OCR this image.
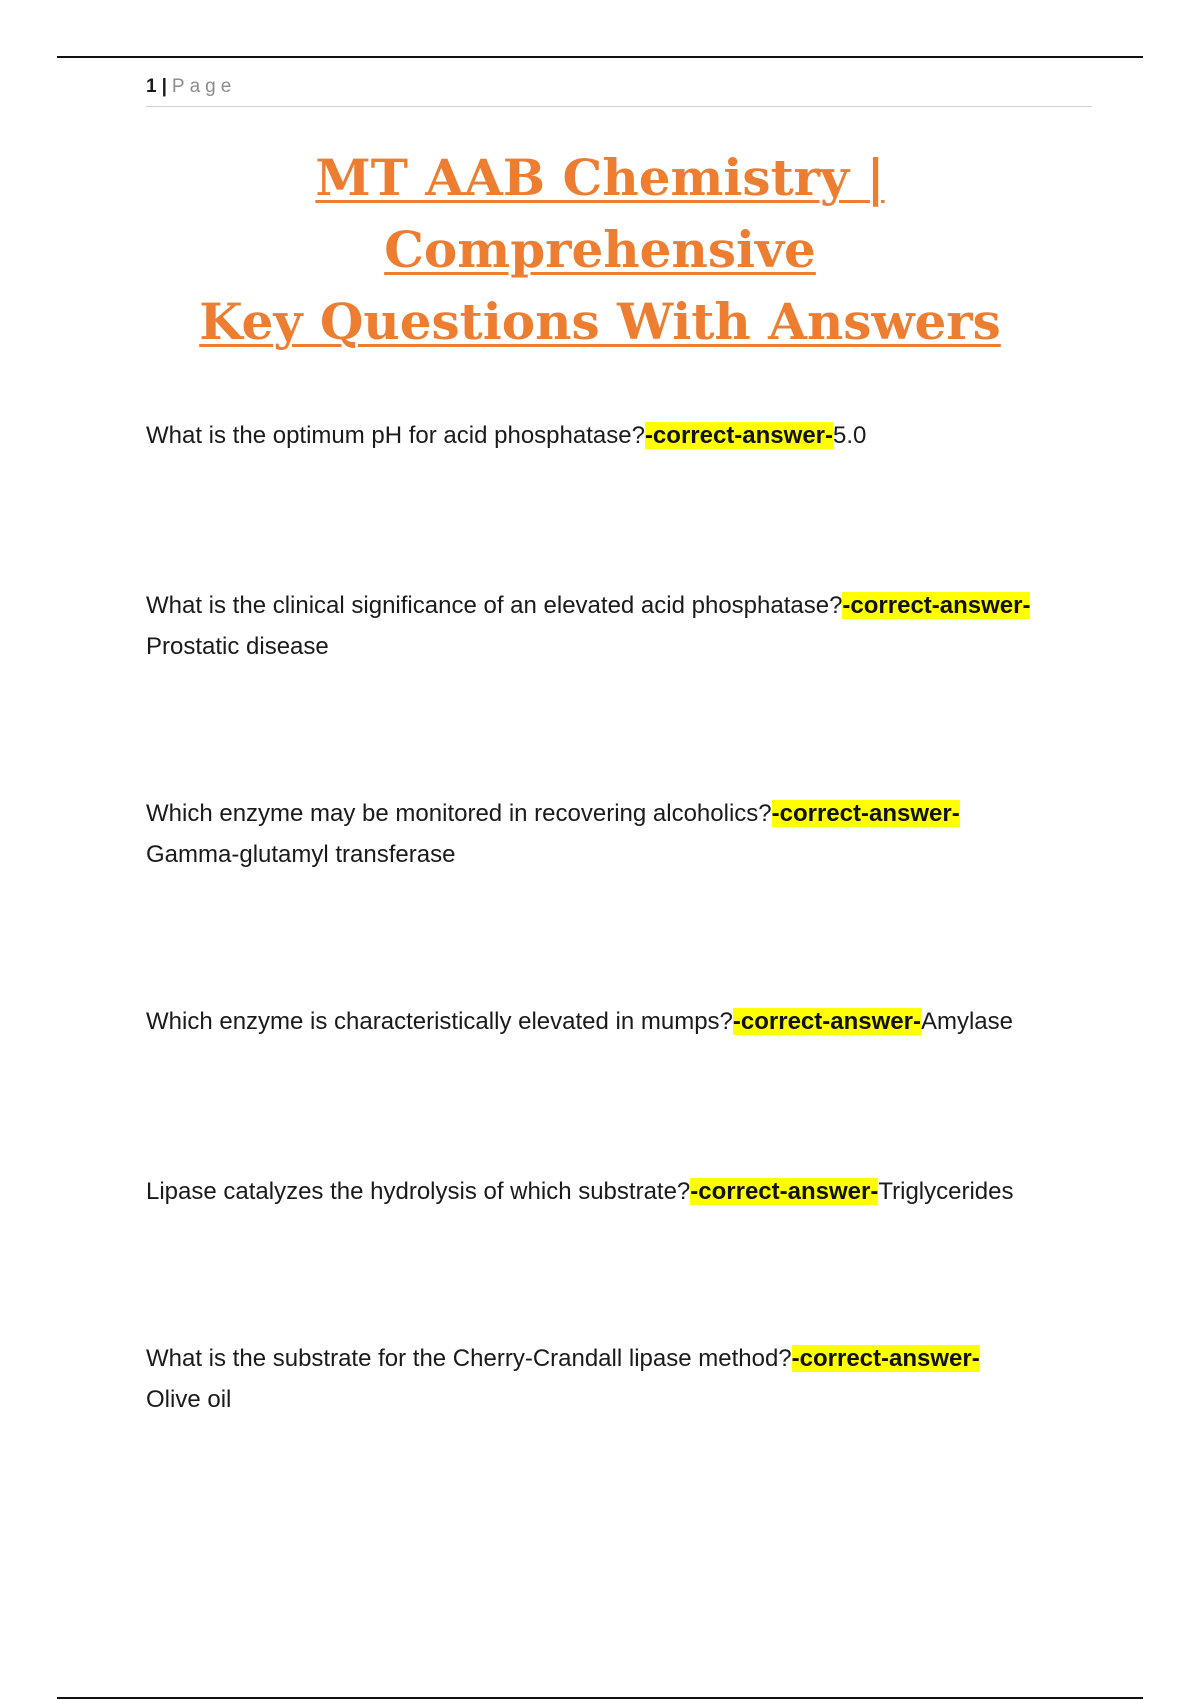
1 | Page
MT AAB Chemistry | Comprehensive
Key Questions With Answers

What is the optimum pH for acid phosphatase?-correct-answer-5.0

What is the clinical significance of an elevated acid phosphatase?-correct-answer-
Prostatic disease

Which enzyme may be monitored in recovering alcoholics?-correct-answer-
Gamma-glutamyl transferase

Which enzyme is characteristically elevated in mumps?-correct-answer-Amylase

Lipase catalyzes the hydrolysis of which substrate?-correct-answer-Triglycerides

What is the substrate for the Cherry-Crandall lipase method?-correct-answer-
Olive oil
